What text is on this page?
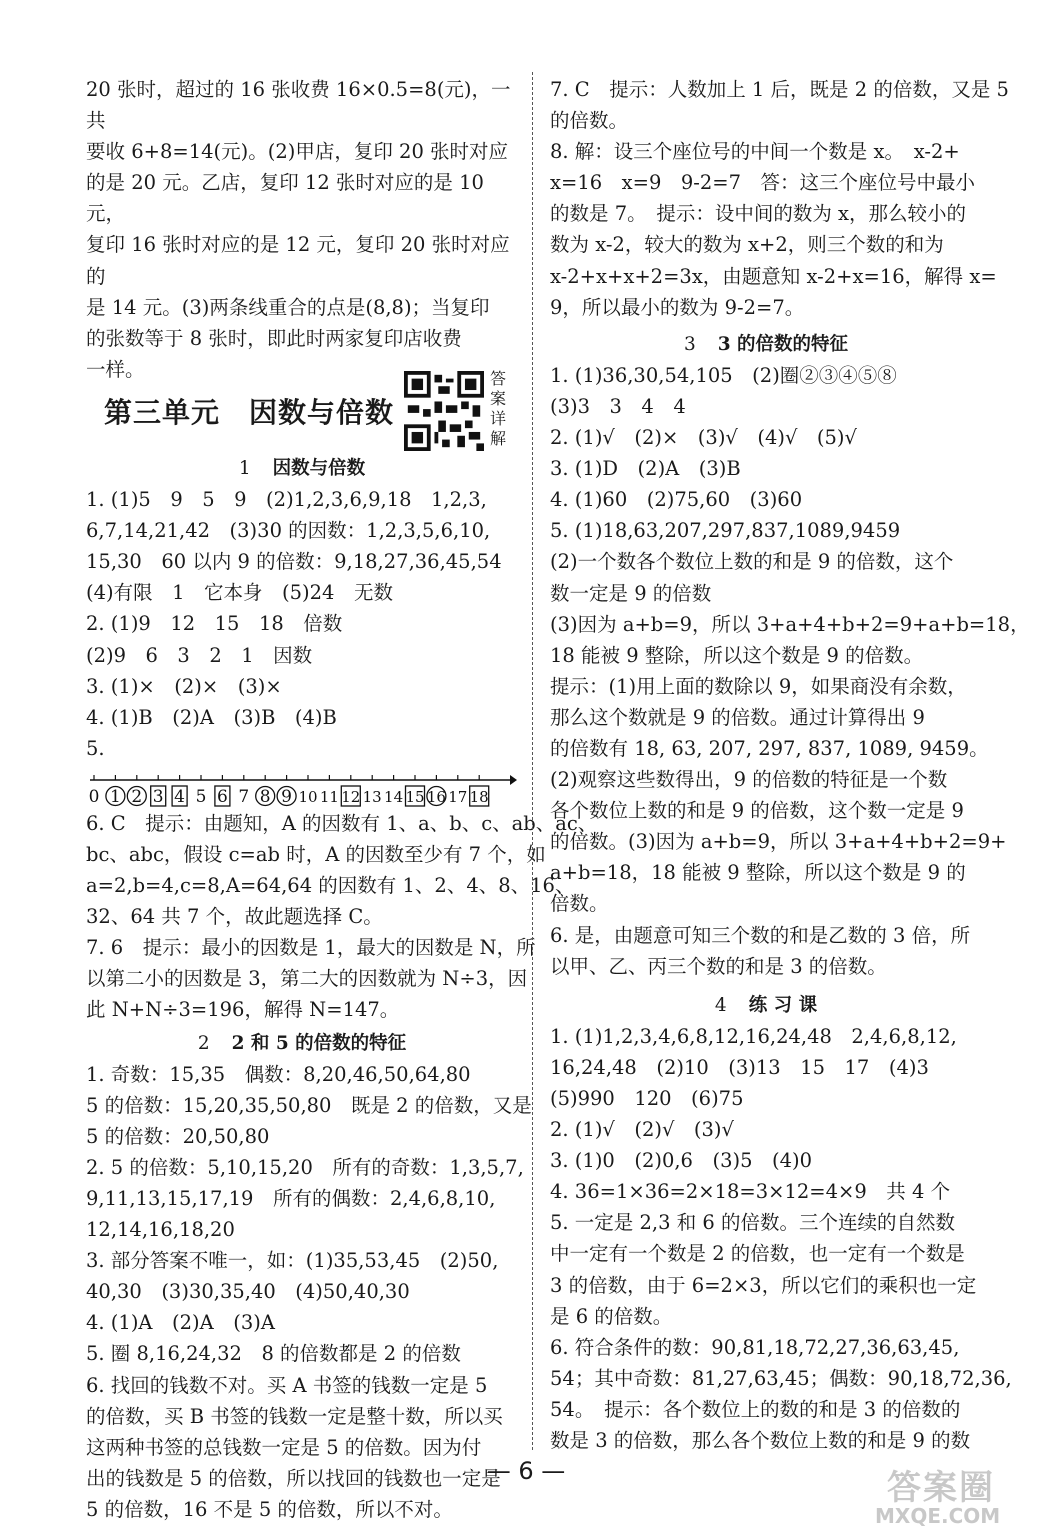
20 张时，超过的 16 张收费 16×0.5=8(元)，一共

要收 6+8=14(元)。(2)甲店，复印 20 张时对应

的是 20 元。乙店，复印 12 张时对应的是 10 元，

复印 16 张时对应的是 12 元，复印 20 张时对应的

是 14 元。(3)两条线重合的点是(8,8)；当复印

的张数等于 8 张时，即此时两家复印店收费

一样。

第三单元　因数与倍数
答案详解
1 因数与倍数

1. (1)5　9　5　9　(2)1,2,3,6,9,18　1,2,3,

6,7,14,21,42　(3)30 的因数：1,2,3,5,6,10,

15,30　60 以内 9 的倍数：9,18,27,36,45,54

(4)有限　1　它本身　(5)24　无数

2. (1)9　12　15　18　倍数

(2)9　6　3　2　1　因数

3. (1)×　(2)×　(3)×

4. (1)B　(2)A　(3)B　(4)B

5.

0 1 2 3 4 5 6 7 8 9 10 11 12 13 14 15 16 17 18

6. C　提示：由题知，A 的因数有 1、a、b、c、ab、ac、

bc、abc，假设 c=ab 时，A 的因数至少有 7 个，如

a=2,b=4,c=8,A=64,64 的因数有 1、2、4、8、16、

32、64 共 7 个，故此题选择 C。

7. 6　提示：最小的因数是 1，最大的因数是 N，所

以第二小的因数是 3，第二大的因数就为 N÷3，因

此 N+N÷3=196，解得 N=147。

2 2 和 5 的倍数的特征

1. 奇数：15,35　偶数：8,20,46,50,64,80

5 的倍数：15,20,35,50,80　既是 2 的倍数，又是

5 的倍数：20,50,80

2. 5 的倍数：5,10,15,20　所有的奇数：1,3,5,7,

9,11,13,15,17,19　所有的偶数：2,4,6,8,10,

12,14,16,18,20

3. 部分答案不唯一，如：(1)35,53,45　(2)50,

40,30　(3)30,35,40　(4)50,40,30

4. (1)A　(2)A　(3)A

5. 圈 8,16,24,32　8 的倍数都是 2 的倍数

6. 找回的钱数不对。买 A 书签的钱数一定是 5

的倍数，买 B 书签的钱数一定是整十数，所以买

这两种书签的总钱数一定是 5 的倍数。因为付

出的钱数是 5 的倍数，所以找回的钱数也一定是

5 的倍数，16 不是 5 的倍数，所以不对。

7. C　提示：人数加上 1 后，既是 2 的倍数，又是 5

的倍数。

8. 解：设三个座位号的中间一个数是 x。　x-2+

x=16　x=9　9-2=7　答：这三个座位号中最小

的数是 7。　提示：设中间的数为 x，那么较小的

数为 x-2，较大的数为 x+2，则三个数的和为

x-2+x+x+2=3x，由题意知 x-2+x=16，解得 x=

9，所以最小的数为 9-2=7。

3 3 的倍数的特征

1. (1)36,30,54,105　(2)圈②③④⑤⑧

(3)3　3　4　4

2. (1)√　(2)×　(3)√　(4)√　(5)√

3. (1)D　(2)A　(3)B

4. (1)60　(2)75,60　(3)60

5. (1)18,63,207,297,837,1089,9459

(2)一个数各个数位上数的和是 9 的倍数，这个

数一定是 9 的倍数

(3)因为 a+b=9，所以 3+a+4+b+2=9+a+b=18，

18 能被 9 整除，所以这个数是 9 的倍数。

提示：(1)用上面的数除以 9，如果商没有余数，

那么这个数就是 9 的倍数。通过计算得出 9

的倍数有 18, 63, 207, 297, 837, 1089, 9459。

(2)观察这些数得出，9 的倍数的特征是一个数

各个数位上数的和是 9 的倍数，这个数一定是 9

的倍数。(3)因为 a+b=9，所以 3+a+4+b+2=9+

a+b=18，18 能被 9 整除，所以这个数是 9 的

倍数。

6. 是，由题意可知三个数的和是乙数的 3 倍，所

以甲、乙、丙三个数的和是 3 的倍数。

4 练 习 课

1. (1)1,2,3,4,6,8,12,16,24,48　2,4,6,8,12,

16,24,48　(2)10　(3)13　15　17　(4)3

(5)990　120　(6)75

2. (1)√　(2)√　(3)√

3. (1)0　(2)0,6　(3)5　(4)0

4. 36=1×36=2×18=3×12=4×9　共 4 个

5. 一定是 2,3 和 6 的倍数。三个连续的自然数

中一定有一个数是 2 的倍数，也一定有一个数是

3 的倍数，由于 6=2×3，所以它们的乘积也一定

是 6 的倍数。

6. 符合条件的数：90,81,18,72,27,36,63,45,

54；其中奇数：81,27,63,45；偶数：90,18,72,36,

54。　提示：各个数位上的数的和是 3 的倍数的

数是 3 的倍数，那么各个数位上数的和是 9 的数

— 6 —	答案圈
MXQE.COM
